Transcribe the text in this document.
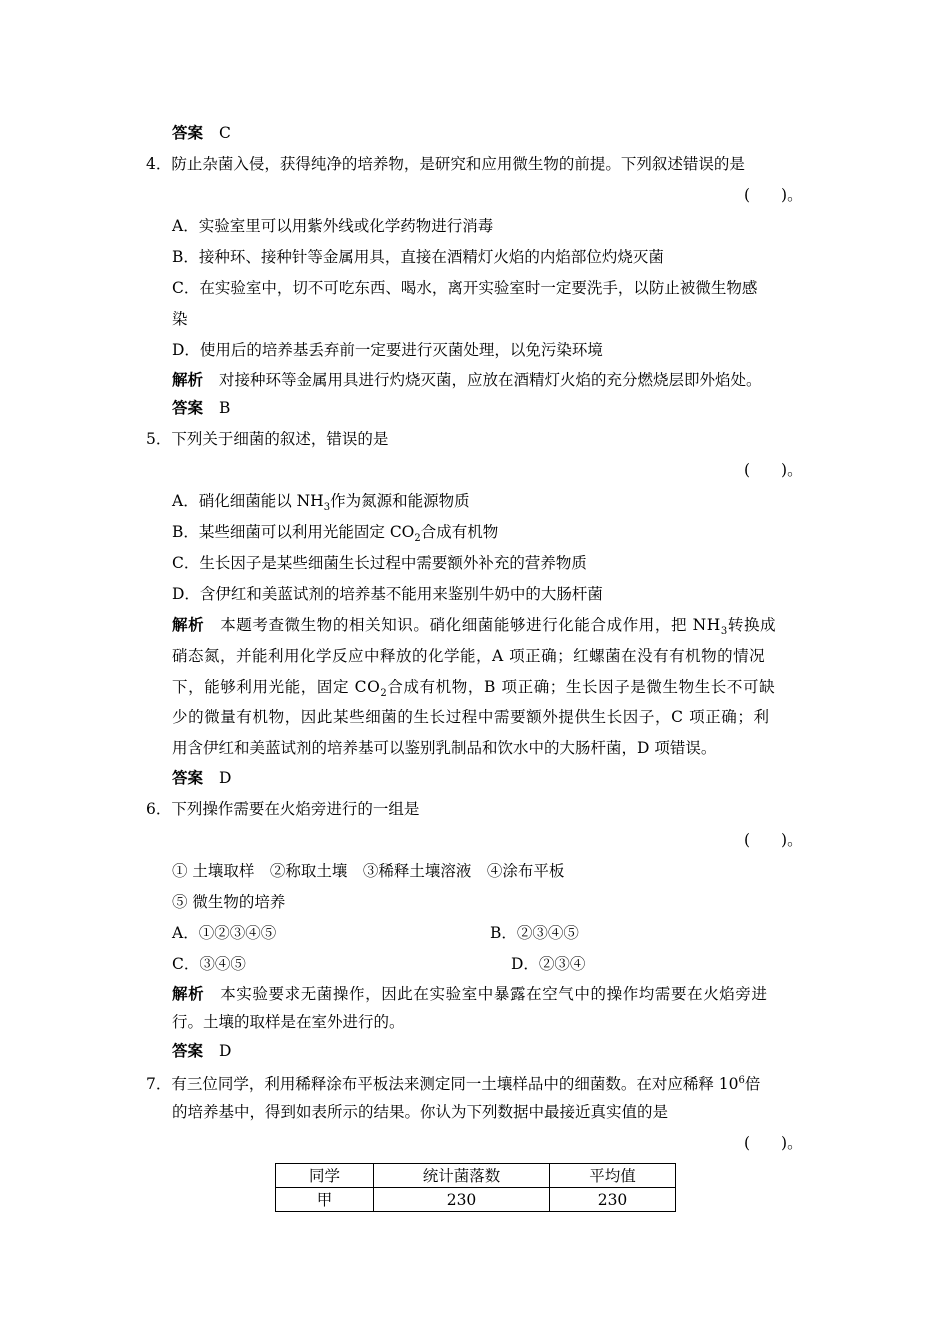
答案 C
4．防止杂菌入侵，获得纯净的培养物，是研究和应用微生物的前提。下列叙述错误的是
(　　)。
A．实验室里可以用紫外线或化学药物进行消毒
B．接种环、接种针等金属用具，直接在酒精灯火焰的内焰部位灼烧灭菌
C．在实验室中，切不可吃东西、喝水，离开实验室时一定要洗手，以防止被微生物感
染
D．使用后的培养基丢弃前一定要进行灭菌处理，以免污染环境
解析 对接种环等金属用具进行灼烧灭菌，应放在酒精灯火焰的充分燃烧层即外焰处。
答案 B
5．下列关于细菌的叙述，错误的是
(　　)。
A．硝化细菌能以 $NH_3$作为氮源和能源物质
B．某些细菌可以利用光能固定 $CO_2$合成有机物
C．生长因子是某些细菌生长过程中需要额外补充的营养物质
D．含伊红和美蓝试剂的培养基不能用来鉴别牛奶中的大肠杆菌
解析 本题考查微生物的相关知识。硝化细菌能够进行化能合成作用，把 $NH_3$转换成
硝态氮，并能利用化学反应中释放的化学能，A 项正确；红螺菌在没有有机物的情况
下，能够利用光能，固定 $CO_2$合成有机物，B 项正确；生长因子是微生物生长不可缺
少的微量有机物，因此某些细菌的生长过程中需要额外提供生长因子，C 项正确；利
用含伊红和美蓝试剂的培养基可以鉴别乳制品和饮水中的大肠杆菌，D 项错误。
答案 D
6．下列操作需要在火焰旁进行的一组是
(　　)。
① 土壤取样　②称取土壤　③稀释土壤溶液　④涂布平板
⑤ 微生物的培养
A．①②③④⑤	B．②③④⑤
C．③④⑤	D．②③④
解析 本实验要求无菌操作，因此在实验室中暴露在空气中的操作均需要在火焰旁进
行。土壤的取样是在室外进行的。
答案 D
7．有三位同学，利用稀释涂布平板法来测定同一土壤样品中的细菌数。在对应稀释 $10^6$倍
的培养基中，得到如表所示的结果。你认为下列数据中最接近真实值的是
(　　)。
同学	统计菌落数	平均值
甲	230	230
